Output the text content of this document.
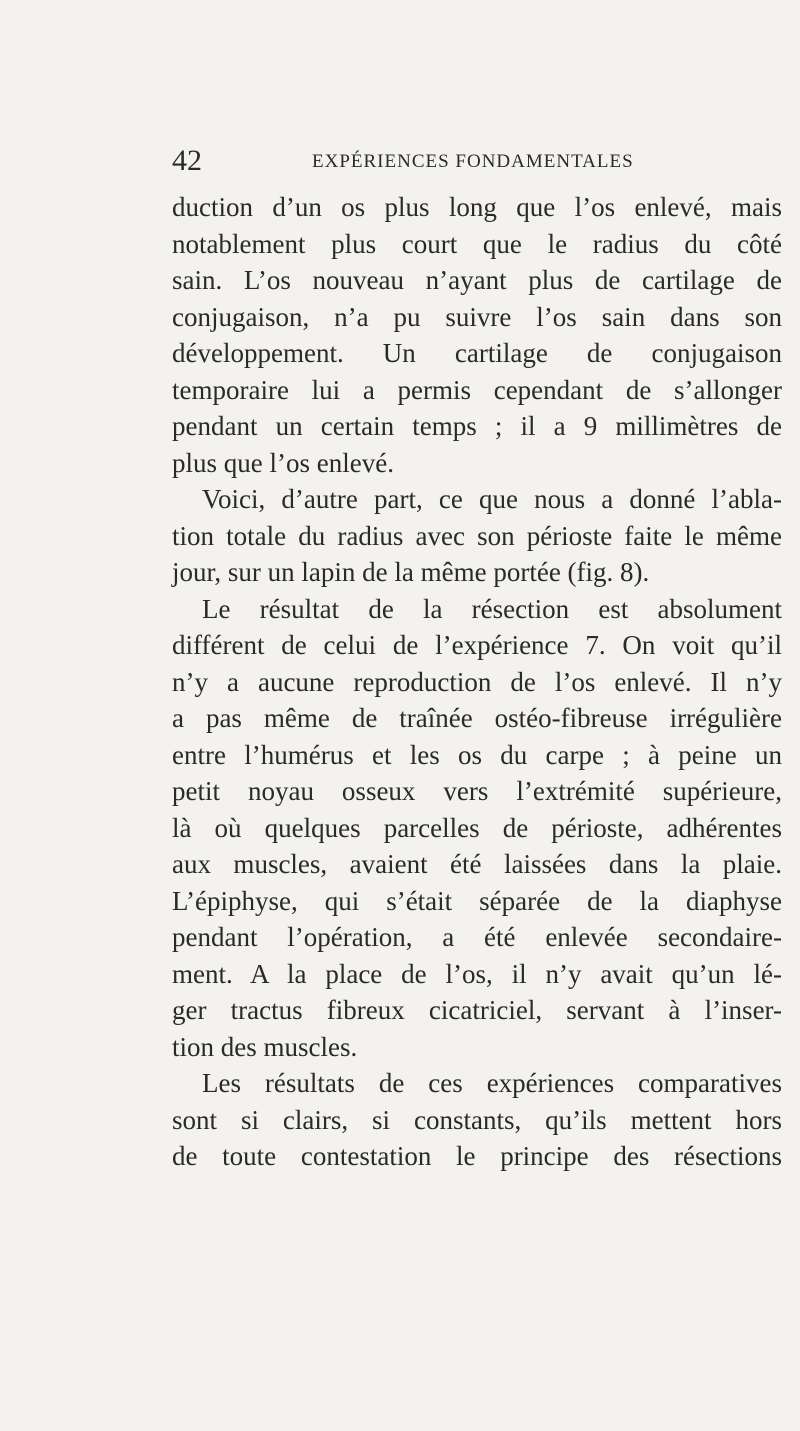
42	EXPÉRIENCES FONDAMENTALES
duction d’un os plus long que l’os enlevé, mais
notablement plus court que le radius du côté
sain. L’os nouveau n’ayant plus de cartilage de
conjugaison, n’a pu suivre l’os sain dans son
développement. Un cartilage de conjugaison
temporaire lui a permis cependant de s’allonger
pendant un certain temps ; il a 9 millimètres de
plus que l’os enlevé.
Voici, d’autre part, ce que nous a donné l’abla-
tion totale du radius avec son périoste faite le même
jour, sur un lapin de la même portée (fig. 8).
Le résultat de la résection est absolument
différent de celui de l’expérience 7. On voit qu’il
n’y a aucune reproduction de l’os enlevé. Il n’y
a pas même de traînée ostéo-fibreuse irrégulière
entre l’humérus et les os du carpe ; à peine un
petit noyau osseux vers l’extrémité supérieure,
là où quelques parcelles de périoste, adhérentes
aux muscles, avaient été laissées dans la plaie.
L’épiphyse, qui s’était séparée de la diaphyse
pendant l’opération, a été enlevée secondaire-
ment. A la place de l’os, il n’y avait qu’un lé-
ger tractus fibreux cicatriciel, servant à l’inser-
tion des muscles.
Les résultats de ces expériences comparatives
sont si clairs, si constants, qu’ils mettent hors
de toute contestation le principe des résections
